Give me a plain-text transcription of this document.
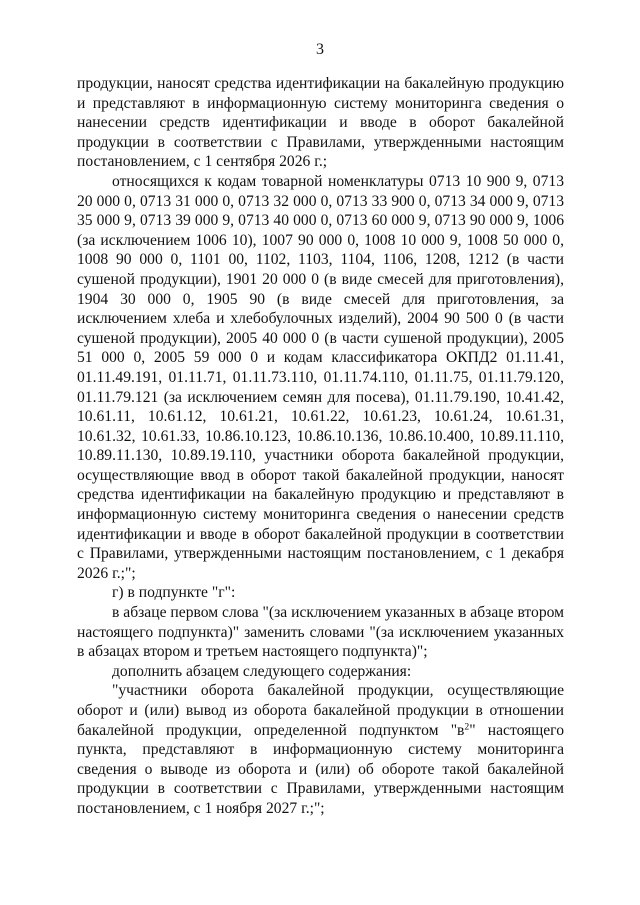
3

продукции, наносят средства идентификации на бакалейную продукцию и представляют в информационную систему мониторинга сведения о нанесении средств идентификации и вводе в оборот бакалейной продукции в соответствии с Правилами, утвержденными настоящим постановлением, с 1 сентября 2026 г.;

относящихся к кодам товарной номенклатуры 0713 10 900 9, 0713 20 000 0, 0713 31 000 0, 0713 32 000 0, 0713 33 900 0, 0713 34 000 9, 0713 35 000 9, 0713 39 000 9, 0713 40 000 0, 0713 60 000 9, 0713 90 000 9, 1006 (за исключением 1006 10), 1007 90 000 0, 1008 10 000 9, 1008 50 000 0, 1008 90 000 0, 1101 00, 1102, 1103, 1104, 1106, 1208, 1212 (в части сушеной продукции), 1901 20 000 0 (в виде смесей для приготовления), 1904 30 000 0, 1905 90 (в виде смесей для приготовления, за исключением хлеба и хлебобулочных изделий), 2004 90 500 0 (в части сушеной продукции), 2005 40 000 0 (в части сушеной продукции), 2005 51 000 0, 2005 59 000 0 и кодам классификатора ОКПД2 01.11.41, 01.11.49.191, 01.11.71, 01.11.73.110, 01.11.74.110, 01.11.75, 01.11.79.120, 01.11.79.121 (за исключением семян для посева), 01.11.79.190, 10.41.42, 10.61.11, 10.61.12, 10.61.21, 10.61.22, 10.61.23, 10.61.24, 10.61.31, 10.61.32, 10.61.33, 10.86.10.123, 10.86.10.136, 10.86.10.400, 10.89.11.110, 10.89.11.130, 10.89.19.110, участники оборота бакалейной продукции, осуществляющие ввод в оборот такой бакалейной продукции, наносят средства идентификации на бакалейную продукцию и представляют в информационную систему мониторинга сведения о нанесении средств идентификации и вводе в оборот бакалейной продукции в соответствии с Правилами, утвержденными настоящим постановлением, с 1 декабря 2026 г.;";

г) в подпункте "г":

в абзаце первом слова "(за исключением указанных в абзаце втором настоящего подпункта)" заменить словами "(за исключением указанных в абзацах втором и третьем настоящего подпункта)";

дополнить абзацем следующего содержания:

"участники оборота бакалейной продукции, осуществляющие оборот и (или) вывод из оборота бакалейной продукции в отношении бакалейной продукции, определенной подпунктом "$в^2$" настоящего пункта, представляют в информационную систему мониторинга сведения о выводе из оборота и (или) об обороте такой бакалейной продукции в соответствии с Правилами, утвержденными настоящим постановлением, с 1 ноября 2027 г.;";
